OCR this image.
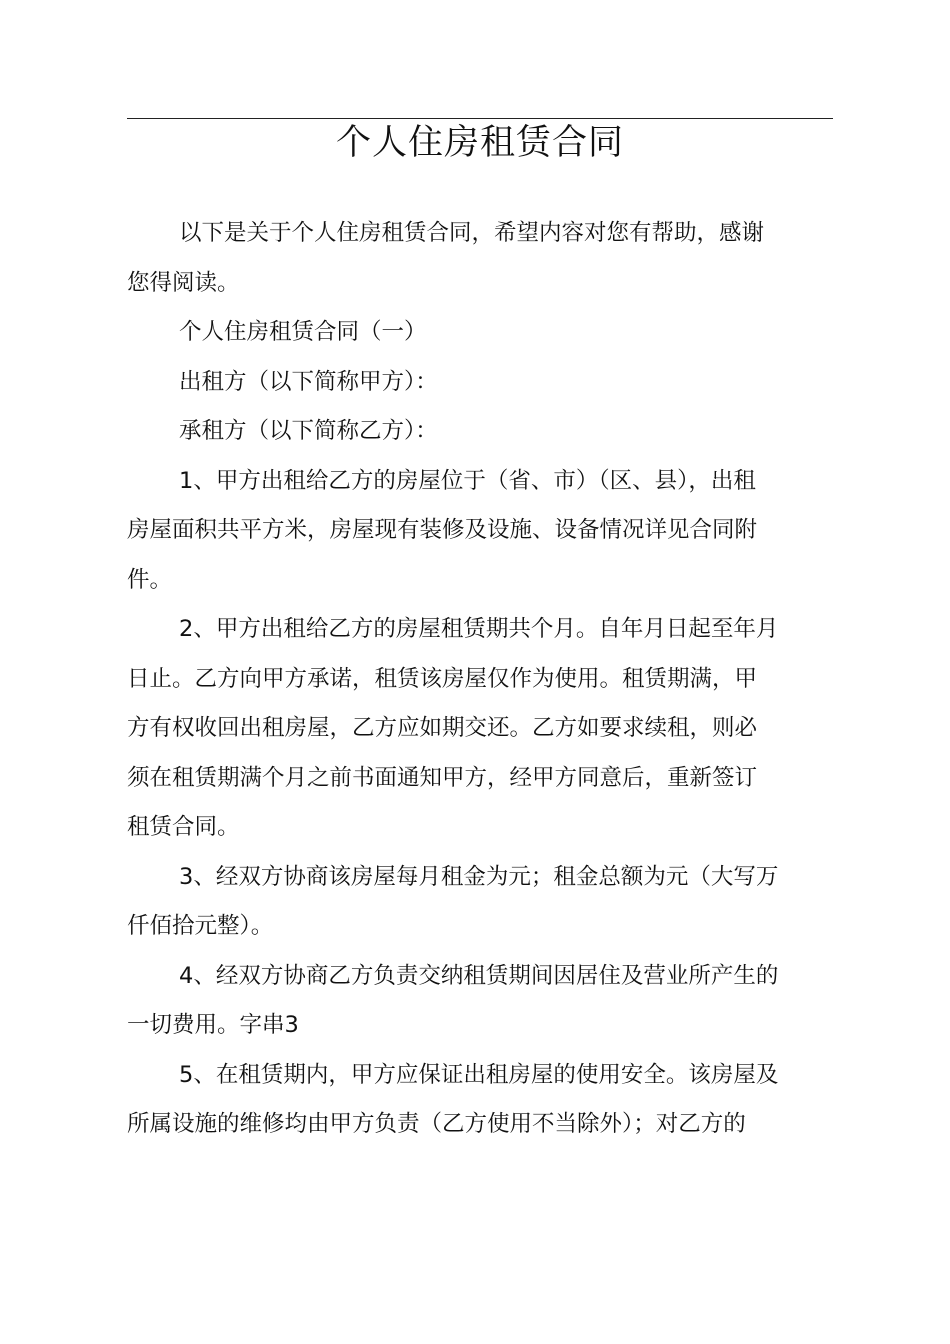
个人住房租赁合同

以下是关于个人住房租赁合同，希望内容对您有帮助，感谢
您得阅读。

个人住房租赁合同（一）

出租方（以下简称甲方）：

承租方（以下简称乙方）：

1、甲方出租给乙方的房屋位于（省、市）（区、县），出租
房屋面积共平方米，房屋现有装修及设施、设备情况详见合同附
件。

2、甲方出租给乙方的房屋租赁期共个月。自年月日起至年月
日止。乙方向甲方承诺，租赁该房屋仅作为使用。租赁期满，甲
方有权收回出租房屋，乙方应如期交还。乙方如要求续租，则必
须在租赁期满个月之前书面通知甲方，经甲方同意后，重新签订
租赁合同。

3、经双方协商该房屋每月租金为元；租金总额为元（大写万
仟佰拾元整）。

4、经双方协商乙方负责交纳租赁期间因居住及营业所产生的
一切费用。字串3

5、在租赁期内，甲方应保证出租房屋的使用安全。该房屋及
所属设施的维修均由甲方负责（乙方使用不当除外）；对乙方的
